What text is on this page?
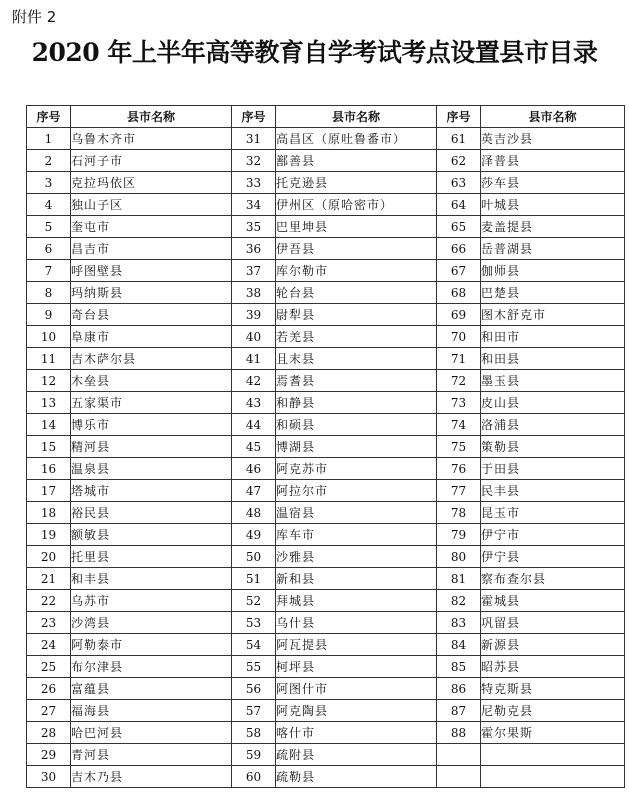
附件 2
2020 年上半年高等教育自学考试考点设置县市目录
序号	县市名称	序号	县市名称	序号	县市名称
1	乌鲁木齐市	31	高昌区（原吐鲁番市）	61	英吉沙县
2	石河子市	32	鄯善县	62	泽普县
3	克拉玛依区	33	托克逊县	63	莎车县
4	独山子区	34	伊州区（原哈密市）	64	叶城县
5	奎屯市	35	巴里坤县	65	麦盖提县
6	昌吉市	36	伊吾县	66	岳普湖县
7	呼图壁县	37	库尔勒市	67	伽师县
8	玛纳斯县	38	轮台县	68	巴楚县
9	奇台县	39	尉犁县	69	图木舒克市
10	阜康市	40	若羌县	70	和田市
11	吉木萨尔县	41	且末县	71	和田县
12	木垒县	42	焉耆县	72	墨玉县
13	五家渠市	43	和静县	73	皮山县
14	博乐市	44	和硕县	74	洛浦县
15	精河县	45	博湖县	75	策勒县
16	温泉县	46	阿克苏市	76	于田县
17	塔城市	47	阿拉尔市	77	民丰县
18	裕民县	48	温宿县	78	昆玉市
19	额敏县	49	库车市	79	伊宁市
20	托里县	50	沙雅县	80	伊宁县
21	和丰县	51	新和县	81	察布查尔县
22	乌苏市	52	拜城县	82	霍城县
23	沙湾县	53	乌什县	83	巩留县
24	阿勒泰市	54	阿瓦提县	84	新源县
25	布尔津县	55	柯坪县	85	昭苏县
26	富蕴县	56	阿图什市	86	特克斯县
27	福海县	57	阿克陶县	87	尼勒克县
28	哈巴河县	58	喀什市	88	霍尔果斯
29	青河县	59	疏附县		
30	吉木乃县	60	疏勒县		
